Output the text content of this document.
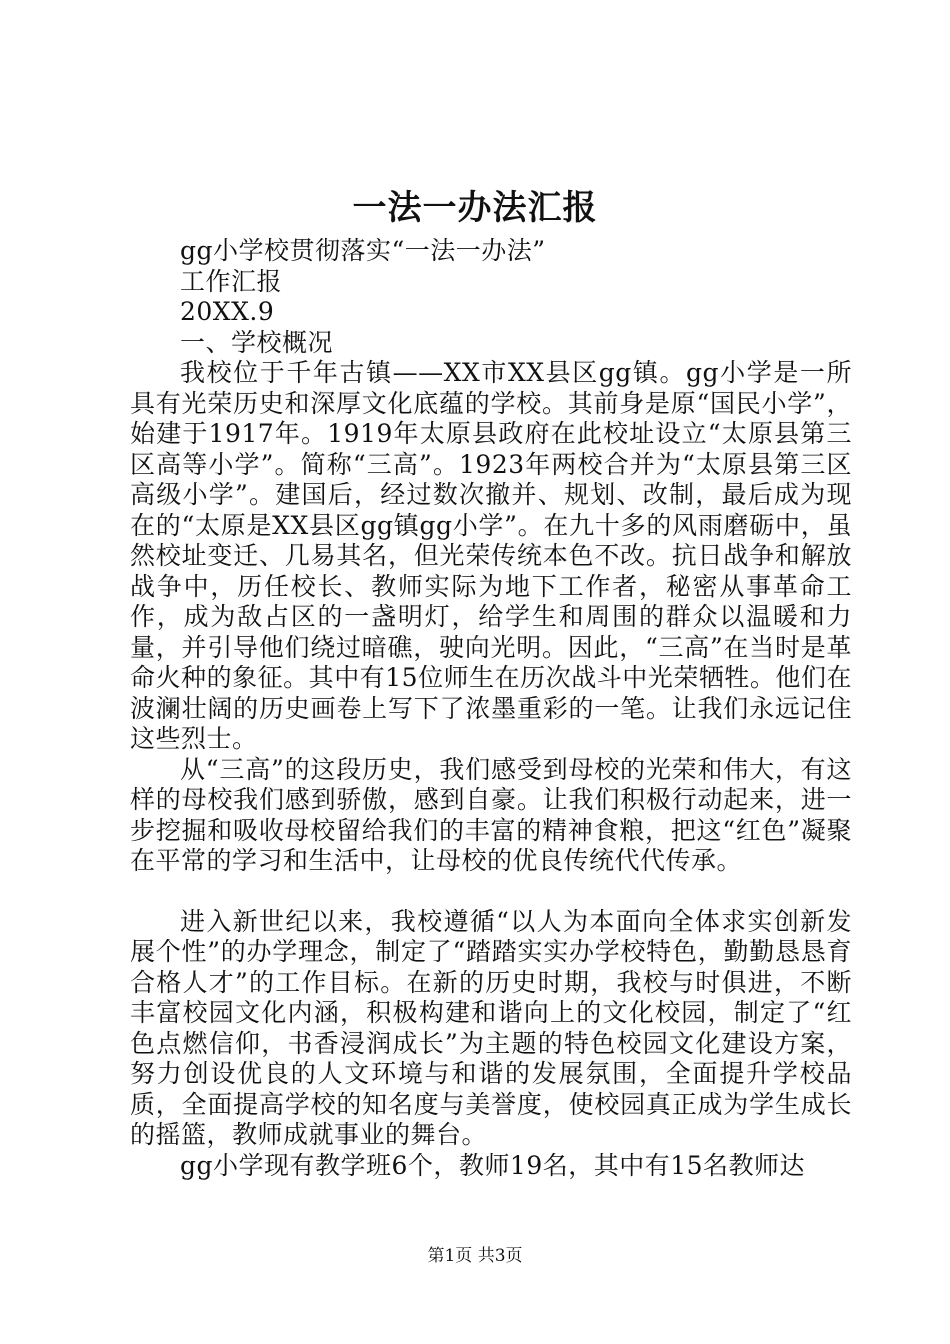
一法一办法汇报

gg小学校贯彻落实“一法一办法”

工作汇报

20XX.9

一、学校概况

我校位于千年古镇——XX市XX县区gg镇。gg小学是一所具有光荣历史和深厚文化底蕴的学校。其前身是原“国民小学”，始建于1917年。1919年太原县政府在此校址设立“太原县第三区高等小学”。简称“三高”。1923年两校合并为“太原县第三区高级小学”。建国后，经过数次撤并、规划、改制，最后成为现在的“太原是XX县区gg镇gg小学”。在九十多的风雨磨砺中，虽然校址变迁、几易其名，但光荣传统本色不改。抗日战争和解放战争中，历任校长、教师实际为地下工作者，秘密从事革命工作，成为敌占区的一盏明灯，给学生和周围的群众以温暖和力量，并引导他们绕过暗礁，驶向光明。因此，“三高”在当时是革命火种的象征。其中有15位师生在历次战斗中光荣牺牲。他们在波澜壮阔的历史画卷上写下了浓墨重彩的一笔。让我们永远记住这些烈士。

从“三高”的这段历史，我们感受到母校的光荣和伟大，有这样的母校我们感到骄傲，感到自豪。让我们积极行动起来，进一步挖掘和吸收母校留给我们的丰富的精神食粮，把这“红色”凝聚在平常的学习和生活中，让母校的优良传统代代传承。

进入新世纪以来，我校遵循“以人为本面向全体求实创新发展个性”的办学理念，制定了“踏踏实实办学校特色，勤勤恳恳育合格人才”的工作目标。在新的历史时期，我校与时俱进，不断丰富校园文化内涵，积极构建和谐向上的文化校园，制定了“红色点燃信仰，书香浸润成长”为主题的特色校园文化建设方案，努力创设优良的人文环境与和谐的发展氛围，全面提升学校品质，全面提高学校的知名度与美誉度，使校园真正成为学生成长的摇篮，教师成就事业的舞台。

gg小学现有教学班6个，教师19名，其中有15名教师达

第1页 共3页
